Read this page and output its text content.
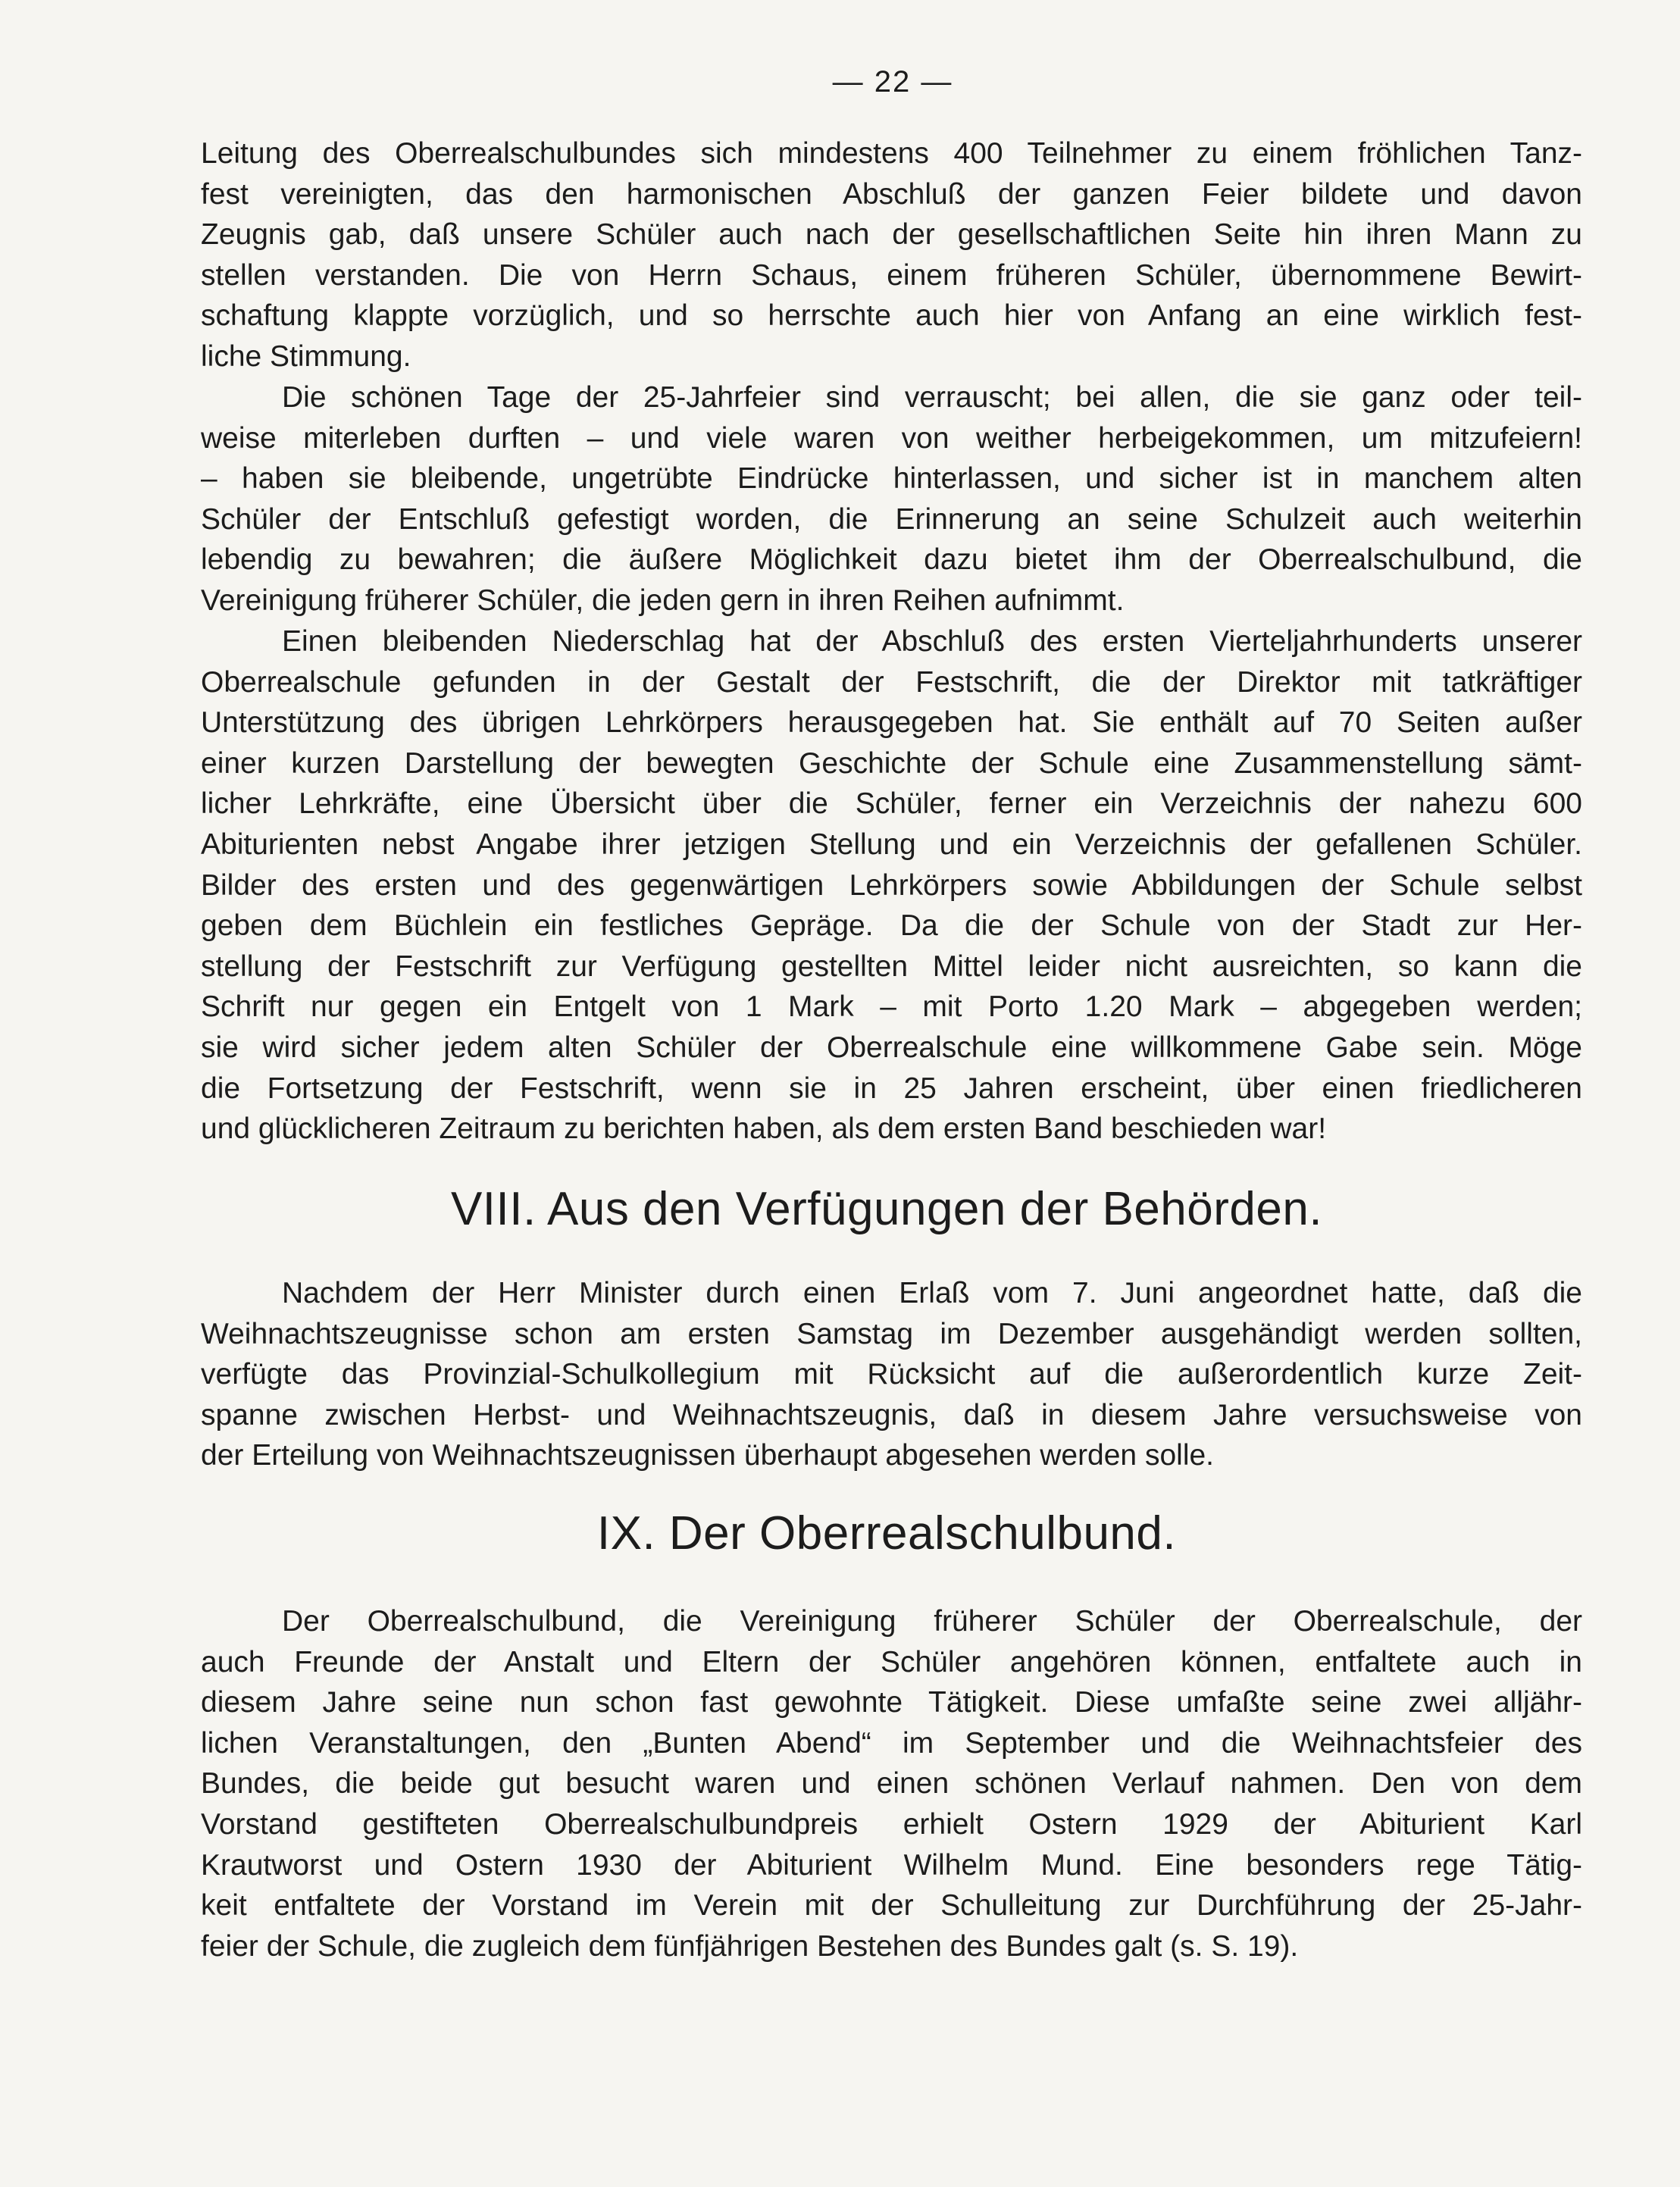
— 22 —
Leitung des Oberrealschulbundes sich mindestens 400 Teilnehmer zu einem fröhlichen Tanz-
fest vereinigten, das den harmonischen Abschluß der ganzen Feier bildete und davon
Zeugnis gab, daß unsere Schüler auch nach der gesellschaftlichen Seite hin ihren Mann zu
stellen verstanden. Die von Herrn Schaus, einem früheren Schüler, übernommene Bewirt-
schaftung klappte vorzüglich, und so herrschte auch hier von Anfang an eine wirklich fest-
liche Stimmung.
Die schönen Tage der 25-Jahrfeier sind verrauscht; bei allen, die sie ganz oder teil-
weise miterleben durften – und viele waren von weither herbeigekommen, um mitzufeiern!
– haben sie bleibende, ungetrübte Eindrücke hinterlassen, und sicher ist in manchem alten
Schüler der Entschluß gefestigt worden, die Erinnerung an seine Schulzeit auch weiterhin
lebendig zu bewahren; die äußere Möglichkeit dazu bietet ihm der Oberrealschulbund, die
Vereinigung früherer Schüler, die jeden gern in ihren Reihen aufnimmt.
Einen bleibenden Niederschlag hat der Abschluß des ersten Vierteljahrhunderts unserer
Oberrealschule gefunden in der Gestalt der Festschrift, die der Direktor mit tatkräftiger
Unterstützung des übrigen Lehrkörpers herausgegeben hat. Sie enthält auf 70 Seiten außer
einer kurzen Darstellung der bewegten Geschichte der Schule eine Zusammenstellung sämt-
licher Lehrkräfte, eine Übersicht über die Schüler, ferner ein Verzeichnis der nahezu 600
Abiturienten nebst Angabe ihrer jetzigen Stellung und ein Verzeichnis der gefallenen Schüler.
Bilder des ersten und des gegenwärtigen Lehrkörpers sowie Abbildungen der Schule selbst
geben dem Büchlein ein festliches Gepräge. Da die der Schule von der Stadt zur Her-
stellung der Festschrift zur Verfügung gestellten Mittel leider nicht ausreichten, so kann die
Schrift nur gegen ein Entgelt von 1 Mark – mit Porto 1.20 Mark – abgegeben werden;
sie wird sicher jedem alten Schüler der Oberrealschule eine willkommene Gabe sein. Möge
die Fortsetzung der Festschrift, wenn sie in 25 Jahren erscheint, über einen friedlicheren
und glücklicheren Zeitraum zu berichten haben, als dem ersten Band beschieden war!
VIII. Aus den Verfügungen der Behörden.
Nachdem der Herr Minister durch einen Erlaß vom 7. Juni angeordnet hatte, daß die
Weihnachtszeugnisse schon am ersten Samstag im Dezember ausgehändigt werden sollten,
verfügte das Provinzial-Schulkollegium mit Rücksicht auf die außerordentlich kurze Zeit-
spanne zwischen Herbst- und Weihnachtszeugnis, daß in diesem Jahre versuchsweise von
der Erteilung von Weihnachtszeugnissen überhaupt abgesehen werden solle.
IX. Der Oberrealschulbund.
Der Oberrealschulbund, die Vereinigung früherer Schüler der Oberrealschule, der
auch Freunde der Anstalt und Eltern der Schüler angehören können, entfaltete auch in
diesem Jahre seine nun schon fast gewohnte Tätigkeit. Diese umfaßte seine zwei alljähr-
lichen Veranstaltungen, den „Bunten Abend“ im September und die Weihnachtsfeier des
Bundes, die beide gut besucht waren und einen schönen Verlauf nahmen. Den von dem
Vorstand gestifteten Oberrealschulbundpreis erhielt Ostern 1929 der Abiturient Karl
Krautworst und Ostern 1930 der Abiturient Wilhelm Mund. Eine besonders rege Tätig-
keit entfaltete der Vorstand im Verein mit der Schulleitung zur Durchführung der 25-Jahr-
feier der Schule, die zugleich dem fünfjährigen Bestehen des Bundes galt (s. S. 19).
